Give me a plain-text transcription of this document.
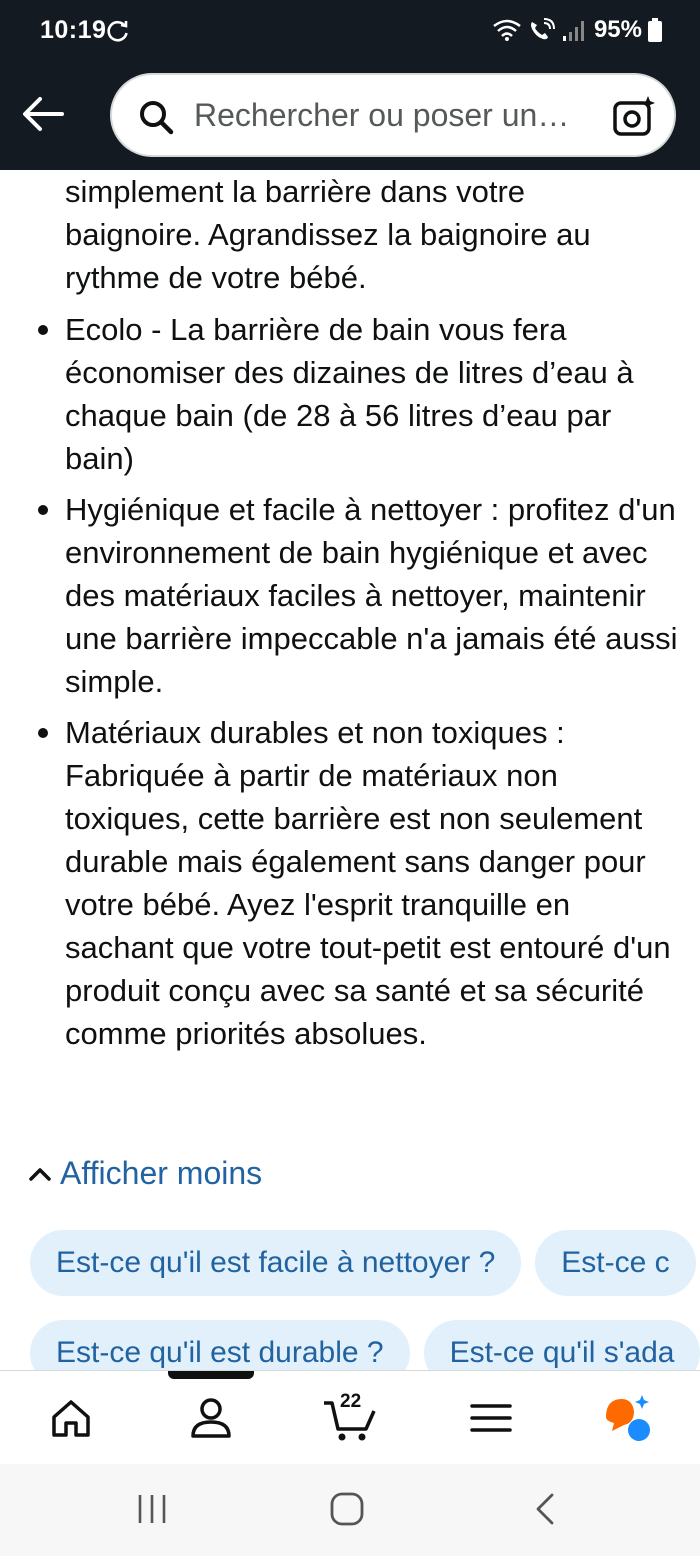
10:19	95%
Rechercher ou poser un…
simplement la barrière dans votre
baignoire. Agrandissez la baignoire au
rythme de votre bébé.
Ecolo - La barrière de bain vous fera économiser des dizaines de litres d’eau à chaque bain (de 28 à 56 litres d’eau par bain)
Hygiénique et facile à nettoyer : profitez d'un environnement de bain hygiénique et avec des matériaux faciles à nettoyer, maintenir une barrière impeccable n'a jamais été aussi simple.
Matériaux durables et non toxiques : Fabriquée à partir de matériaux non toxiques, cette barrière est non seulement durable mais également sans danger pour votre bébé. Ayez l'esprit tranquille en sachant que votre tout-petit est entouré d'un produit conçu avec sa santé et sa sécurité comme priorités absolues.
Afficher moins
Est-ce qu'il est facile à nettoyer ?	Est-ce c
Est-ce qu'il est durable ?	Est-ce qu'il s'ada
22
